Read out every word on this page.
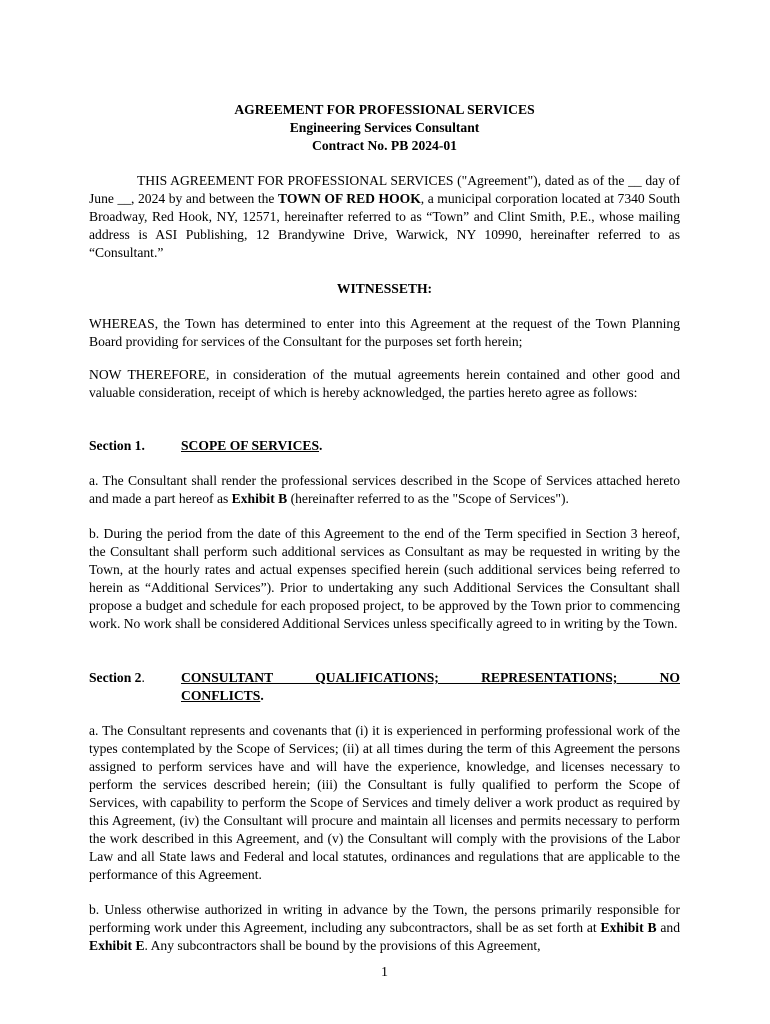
AGREEMENT FOR PROFESSIONAL SERVICES
Engineering Services Consultant
Contract No. PB 2024-01

THIS AGREEMENT FOR PROFESSIONAL SERVICES ("Agreement"), dated as of the __ day of June __, 2024 by and between the TOWN OF RED HOOK, a municipal corporation located at 7340 South Broadway, Red Hook, NY, 12571, hereinafter referred to as “Town” and Clint Smith, P.E., whose mailing address is ASI Publishing, 12 Brandywine Drive, Warwick, NY 10990, hereinafter referred to as “Consultant.”

WITNESSETH:

WHEREAS, the Town has determined to enter into this Agreement at the request of the Town Planning Board providing for services of the Consultant for the purposes set forth herein;

NOW THEREFORE, in consideration of the mutual agreements herein contained and other good and valuable consideration, receipt of which is hereby acknowledged, the parties hereto agree as follows:

Section 1.	SCOPE OF SERVICES.

a. The Consultant shall render the professional services described in the Scope of Services attached hereto and made a part hereof as Exhibit B (hereinafter referred to as the "Scope of Services").

b. During the period from the date of this Agreement to the end of the Term specified in Section 3 hereof, the Consultant shall perform such additional services as Consultant as may be requested in writing by the Town, at the hourly rates and actual expenses specified herein (such additional services being referred to herein as “Additional Services”). Prior to undertaking any such Additional Services the Consultant shall propose a budget and schedule for each proposed project, to be approved by the Town prior to commencing work. No work shall be considered Additional Services unless specifically agreed to in writing by the Town.

Section 2.	CONSULTANT QUALIFICATIONS; REPRESENTATIONS; NO
CONFLICTS.

a. The Consultant represents and covenants that (i) it is experienced in performing professional work of the types contemplated by the Scope of Services; (ii) at all times during the term of this Agreement the persons assigned to perform services have and will have the experience, knowledge, and licenses necessary to perform the services described herein; (iii) the Consultant is fully qualified to perform the Scope of Services, with capability to perform the Scope of Services and timely deliver a work product as required by this Agreement, (iv) the Consultant will procure and maintain all licenses and permits necessary to perform the work described in this Agreement, and (v) the Consultant will comply with the provisions of the Labor Law and all State laws and Federal and local statutes, ordinances and regulations that are applicable to the performance of this Agreement.

b. Unless otherwise authorized in writing in advance by the Town, the persons primarily responsible for performing work under this Agreement, including any subcontractors, shall be as set forth at Exhibit B and Exhibit E. Any subcontractors shall be bound by the provisions of this Agreement,

1
